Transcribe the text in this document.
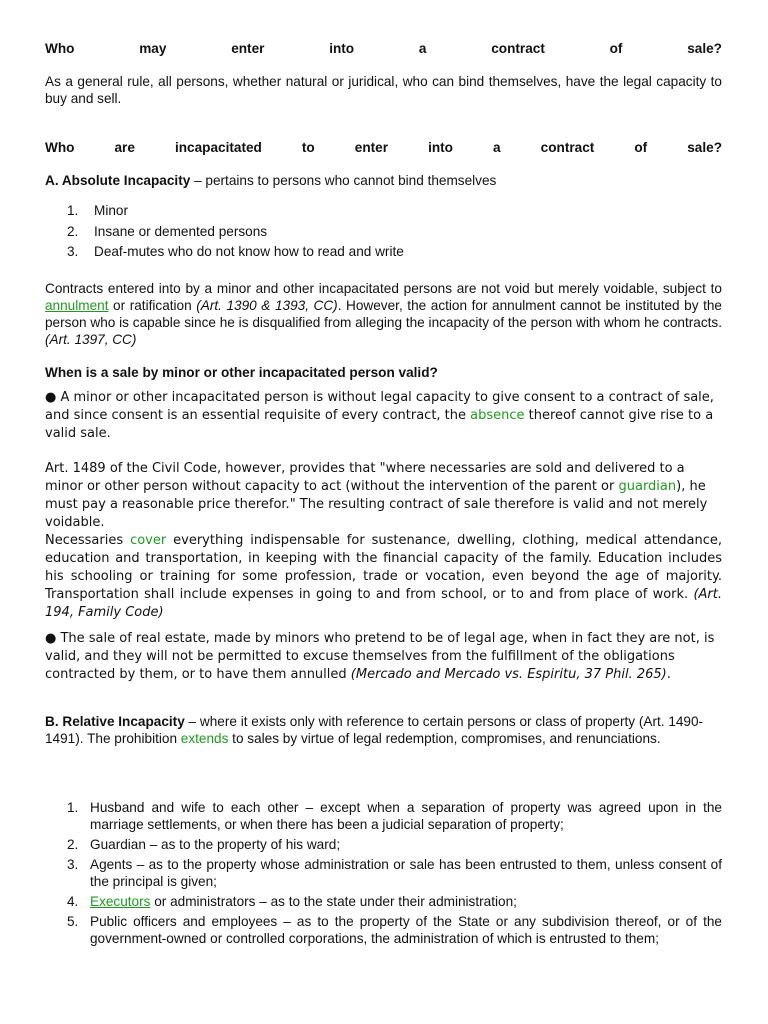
Who may enter into a contract of sale?

As a general rule, all persons, whether natural or juridical, who can bind themselves, have the legal capacity to buy and sell.

Who are incapacitated to enter into a contract of sale?

A. Absolute Incapacity – pertains to persons who cannot bind themselves

1. Minor
2. Insane or demented persons
3. Deaf-mutes who do not know how to read and write

Contracts entered into by a minor and other incapacitated persons are not void but merely voidable, subject to annulment or ratification (Art. 1390 & 1393, CC). However, the action for annulment cannot be instituted by the person who is capable since he is disqualified from alleging the incapacity of the person with whom he contracts. (Art. 1397, CC)

When is a sale by minor or other incapacitated person valid?

● A minor or other incapacitated person is without legal capacity to give consent to a contract of sale, and since consent is an essential requisite of every contract, the absence thereof cannot give rise to a valid sale.

Art. 1489 of the Civil Code, however, provides that "where necessaries are sold and delivered to a minor or other person without capacity to act (without the intervention of the parent or guardian), he must pay a reasonable price therefor." The resulting contract of sale therefore is valid and not merely voidable.

Necessaries cover everything indispensable for sustenance, dwelling, clothing, medical attendance, education and transportation, in keeping with the financial capacity of the family. Education includes his schooling or training for some profession, trade or vocation, even beyond the age of majority. Transportation shall include expenses in going to and from school, or to and from place of work. (Art. 194, Family Code)

● The sale of real estate, made by minors who pretend to be of legal age, when in fact they are not, is valid, and they will not be permitted to excuse themselves from the fulfillment of the obligations contracted by them, or to have them annulled (Mercado and Mercado vs. Espiritu, 37 Phil. 265).

B. Relative Incapacity – where it exists only with reference to certain persons or class of property (Art. 1490-1491). The prohibition extends to sales by virtue of legal redemption, compromises, and renunciations.

1. Husband and wife to each other – except when a separation of property was agreed upon in the marriage settlements, or when there has been a judicial separation of property;
2. Guardian – as to the property of his ward;
3. Agents – as to the property whose administration or sale has been entrusted to them, unless consent of the principal is given;
4. Executors or administrators – as to the state under their administration;
5. Public officers and employees – as to the property of the State or any subdivision thereof, or of the government-owned or controlled corporations, the administration of which is entrusted to them;
